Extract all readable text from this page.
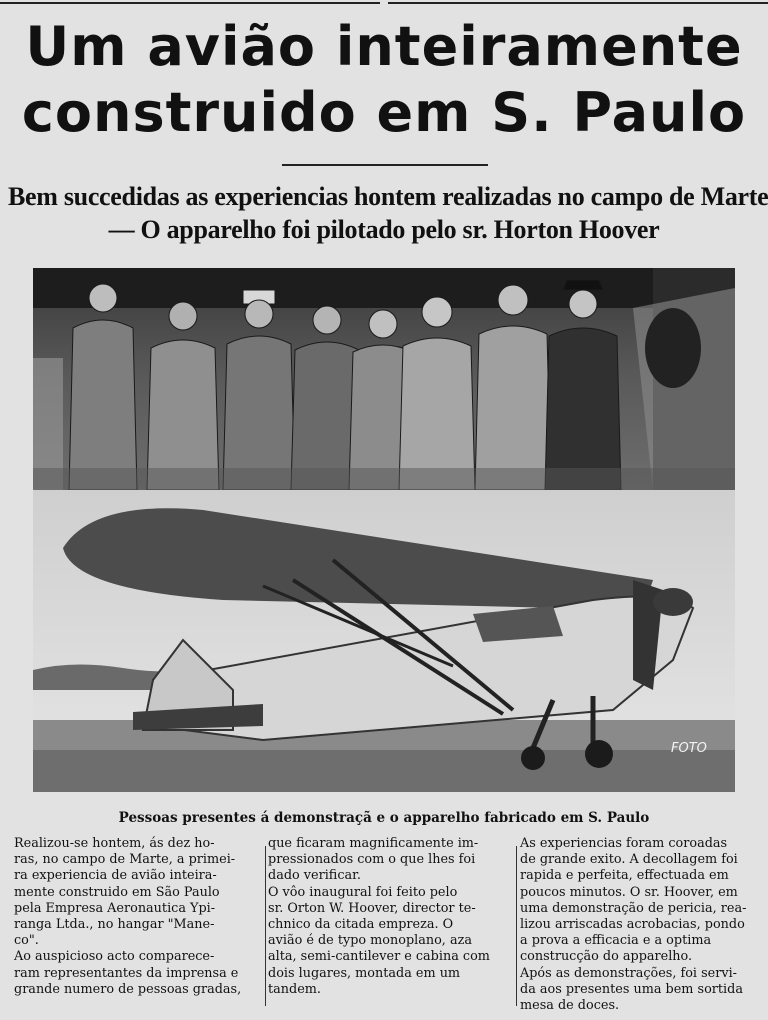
Um avião inteiramente
construido em S. Paulo
Bem succedidas as experiencias hontem realizadas no campo de Marte
— O apparelho foi pilotado pelo sr. Horton Hoover
FOTO

Pessoas presentes á demonstraçã e o apparelho fabricado em S. Paulo

Realizou-se hontem, ás dez ho-
ras, no campo de Marte, a primei-
ra experiencia de avião inteira-
mente construido em São Paulo
pela Empresa Aeronautica Ypi-
ranga Ltda., no hangar "Mane-
co".
Ao auspicioso acto comparece-
ram representantes da imprensa e
grande numero de pessoas gradas,
que ficaram magnificamente im-
pressionados com o que lhes foi
dado verificar.
O vôo inaugural foi feito pelo
sr. Orton W. Hoover, director te-
chnico da citada empreza. O
avião é de typo monoplano, aza
alta, semi-cantilever e cabina com
dois lugares, montada em um
tandem.
As experiencias foram coroadas
de grande exito. A decollagem foi
rapida e perfeita, effectuada em
poucos minutos. O sr. Hoover, em
uma demonstração de pericia, rea-
lizou arriscadas acrobacias, pondo
a prova a efficacia e a optima
construcção do apparelho.
Após as demonstrações, foi servi-
da aos presentes uma bem sortida
mesa de doces.
